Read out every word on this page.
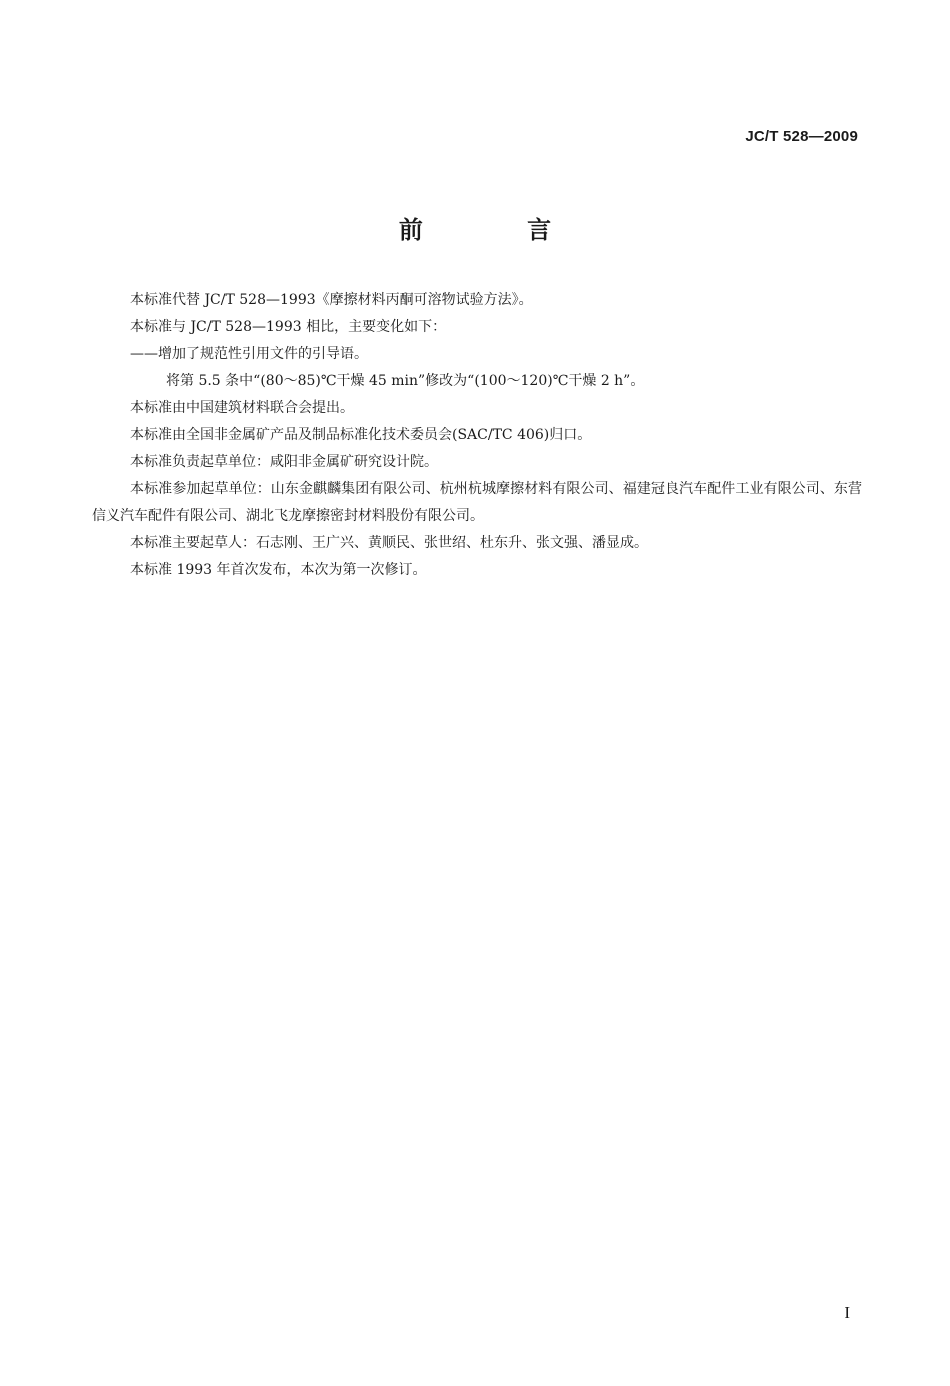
JC/T 528—2009
前 言

本标准代替 JC/T 528—1993《摩擦材料丙酮可溶物试验方法》。

本标准与 JC/T 528—1993 相比，主要变化如下：

——增加了规范性引用文件的引导语。

将第 5.5 条中“(80～85)℃干燥 45 min”修改为“(100～120)℃干燥 2 h”。

本标准由中国建筑材料联合会提出。

本标准由全国非金属矿产品及制品标准化技术委员会(SAC/TC 406)归口。

本标准负责起草单位：咸阳非金属矿研究设计院。

本标准参加起草单位：山东金麒麟集团有限公司、杭州杭城摩擦材料有限公司、福建冠良汽车配件工业有限公司、东营信义汽车配件有限公司、湖北飞龙摩擦密封材料股份有限公司。

本标准主要起草人：石志刚、王广兴、黄顺民、张世绍、杜东升、张文强、潘显成。

本标准 1993 年首次发布，本次为第一次修订。

I
